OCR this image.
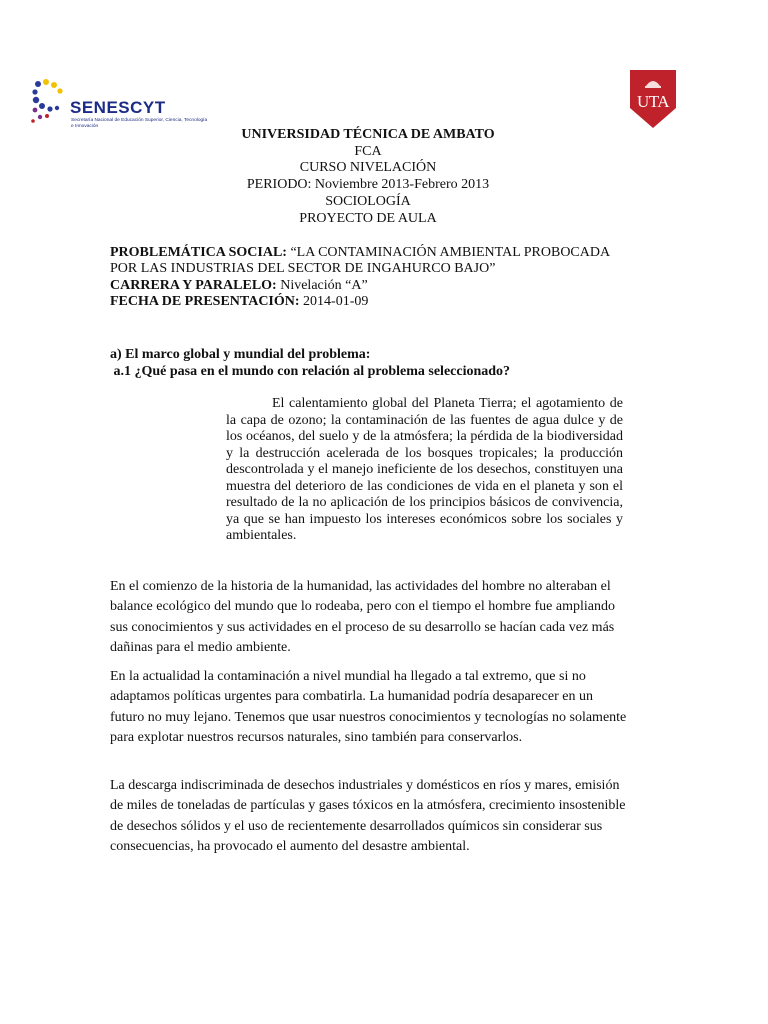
SENESCYT
Secretaría Nacional de Educación Superior, Ciencia, Tecnología e Innovación
UTA
UNIVERSIDAD TÉCNICA DE AMBATO
FCA
CURSO NIVELACIÓN
PERIODO: Noviembre 2013-Febrero 2013
SOCIOLOGÍA
PROYECTO DE AULA
PROBLEMÁTICA SOCIAL: “LA CONTAMINACIÓN AMBIENTAL PROBOCADA POR LAS INDUSTRIAS DEL SECTOR DE INGAHURCO BAJO”
CARRERA Y PARALELO: Nivelación “A”
FECHA DE PRESENTACIÓN: 2014-01-09
a) El marco global y mundial del problema:
a.1 ¿Qué pasa en el mundo con relación al problema seleccionado?
El calentamiento global del Planeta Tierra; el agotamiento de la capa de ozono; la contaminación de las fuentes de agua dulce y de los océanos, del suelo y de la atmósfera; la pérdida de la biodiversidad y la destrucción acelerada de los bosques tropicales; la producción descontrolada y el manejo ineficiente de los desechos, constituyen una muestra del deterioro de las condiciones de vida en el planeta y son el resultado de la no aplicación de los principios básicos de convivencia, ya que se han impuesto los intereses económicos sobre los sociales y ambientales.
En el comienzo de la historia de la humanidad, las actividades del hombre no alteraban el balance ecológico del mundo que lo rodeaba, pero con el tiempo el hombre fue ampliando sus conocimientos y sus actividades en el proceso de su desarrollo se hacían cada vez más dañinas para el medio ambiente.
En la actualidad la contaminación a nivel mundial ha llegado a tal extremo, que si no adaptamos políticas urgentes para combatirla. La humanidad podría desaparecer en un futuro no muy lejano. Tenemos que usar nuestros conocimientos y tecnologías no solamente para explotar nuestros recursos naturales, sino también para conservarlos.
La descarga indiscriminada de desechos industriales y domésticos en ríos y mares, emisión de miles de toneladas de partículas y gases tóxicos en la atmósfera, crecimiento insostenible de desechos sólidos y el uso de recientemente desarrollados químicos sin considerar sus consecuencias, ha provocado el aumento del desastre ambiental.
